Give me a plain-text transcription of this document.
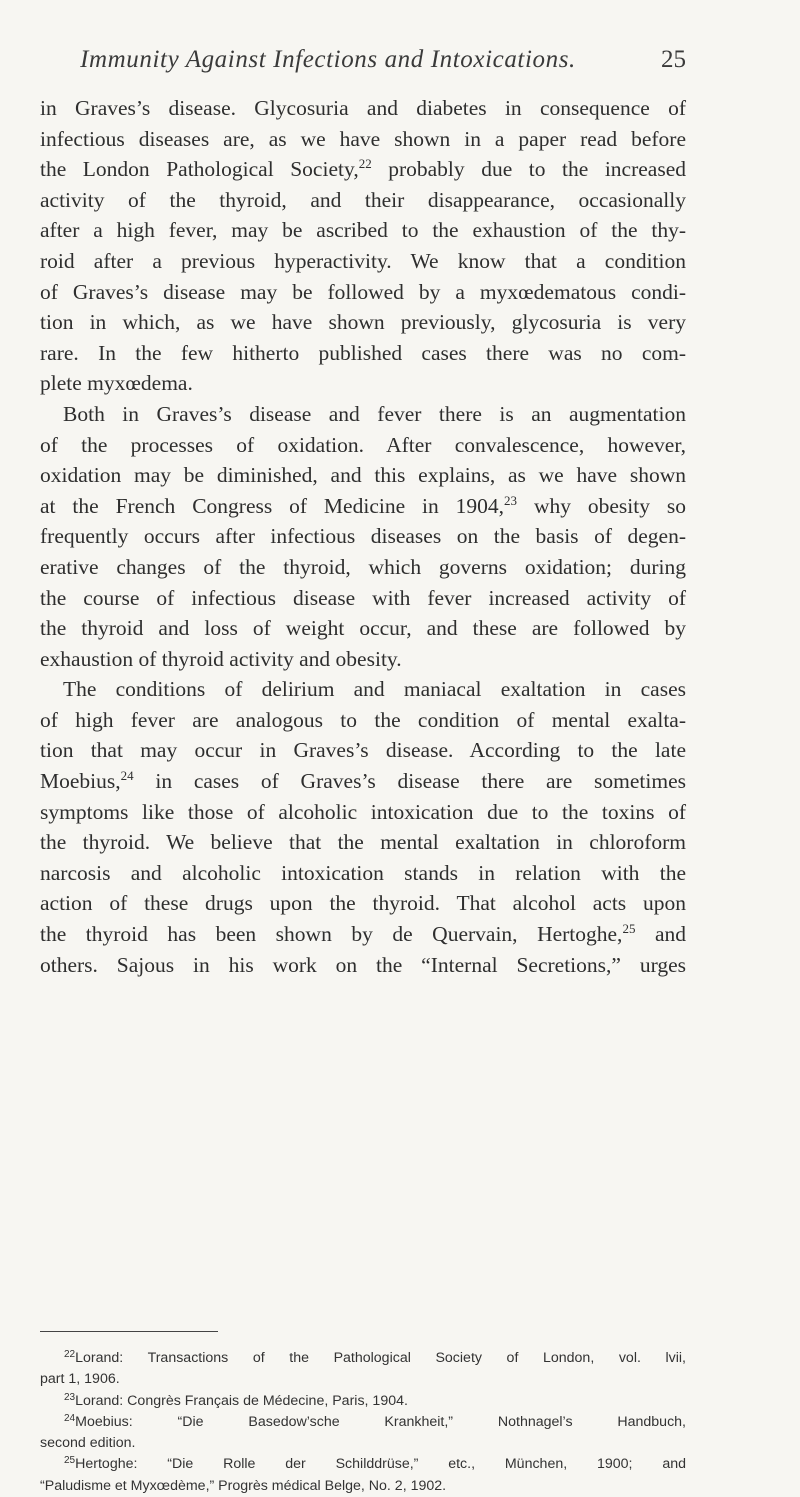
Immunity Against Infections and Intoxications.	25
in Graves’s disease. Glycosuria and diabetes in consequence of
infectious diseases are, as we have shown in a paper read before
the London Pathological Society,$^{22}$ probably due to the increased
activity of the thyroid, and their disappearance, occasionally
after a high fever, may be ascribed to the exhaustion of the thy-
roid after a previous hyperactivity. We know that a condition
of Graves’s disease may be followed by a myxœdematous condi-
tion in which, as we have shown previously, glycosuria is very
rare. In the few hitherto published cases there was no com-
plete myxœdema.
Both in Graves’s disease and fever there is an augmentation
of the processes of oxidation. After convalescence, however,
oxidation may be diminished, and this explains, as we have shown
at the French Congress of Medicine in 1904,23 why obesity so
frequently occurs after infectious diseases on the basis of degen-
erative changes of the thyroid, which governs oxidation; during
the course of infectious disease with fever increased activity of
the thyroid and loss of weight occur, and these are followed by
exhaustion of thyroid activity and obesity.
The conditions of delirium and maniacal exaltation in cases
of high fever are analogous to the condition of mental exalta-
tion that may occur in Graves’s disease. According to the late
Moebius,$^{24}$ in cases of Graves’s disease there are sometimes
symptoms like those of alcoholic intoxication due to the toxins of
the thyroid. We believe that the mental exaltation in chloroform
narcosis and alcoholic intoxication stands in relation with the
action of these drugs upon the thyroid. That alcohol acts upon
the thyroid has been shown by de Quervain, Hertoghe,$^{25}$ and
others. Sajous in his work on the “Internal Secretions,” urges
$^{22}$Lorand: Transactions of the Pathological Society of London, vol. lvii,
part 1, 1906.
$^{23}$Lorand: Congrès Français de Médecine, Paris, 1904.
$^{24}$Moebius: “Die Basedow’sche Krankheit,” Nothnagel’s Handbuch,
second edition.
$^{25}$Hertoghe: “Die Rolle der Schilddrüse,” etc., München, 1900; and
“Paludisme et Myxœdème,” Progrès médical Belge, No. 2, 1902.
